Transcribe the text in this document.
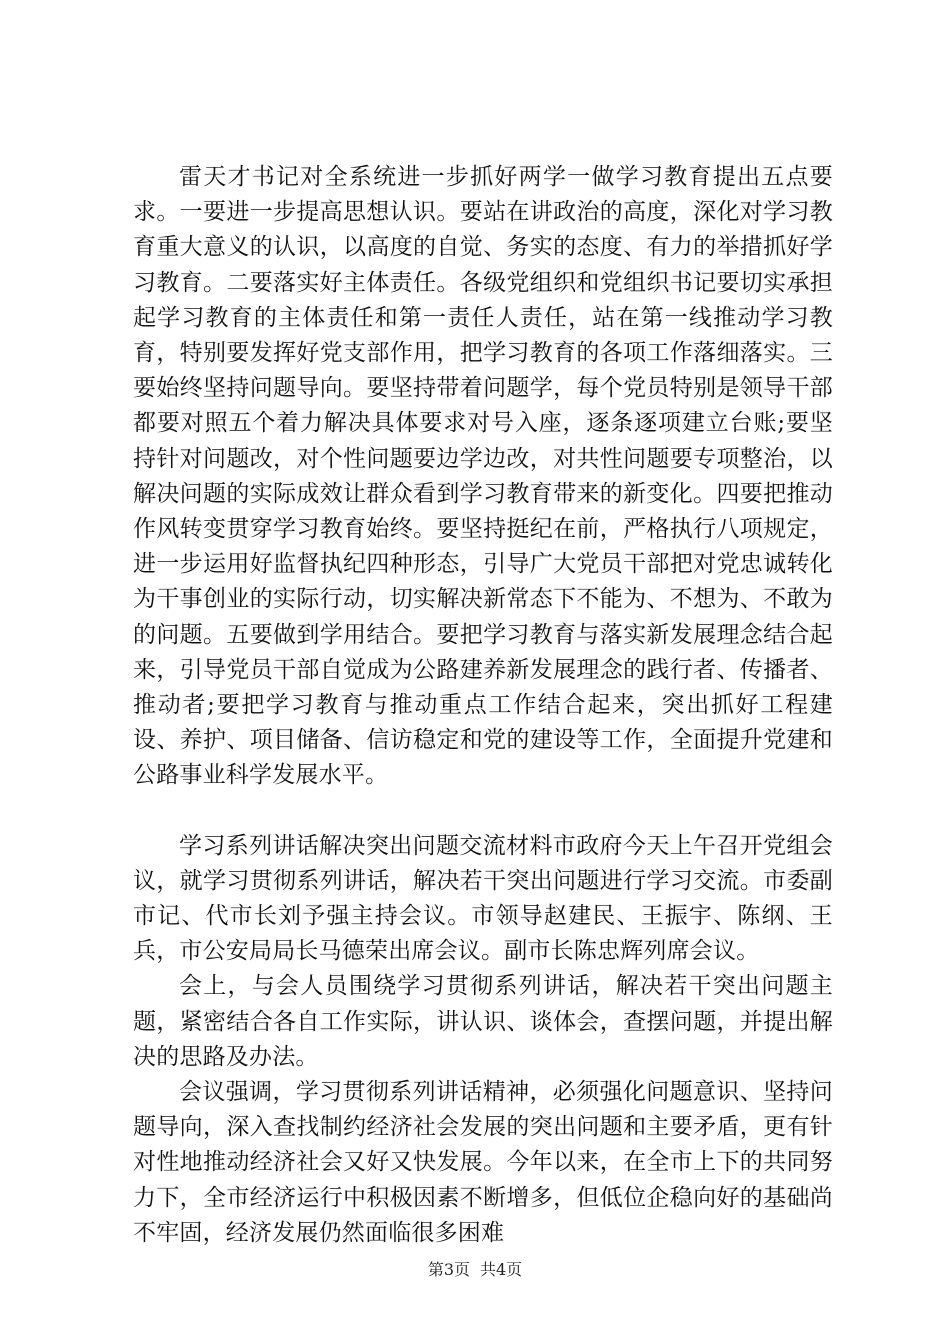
雷天才书记对全系统进一步抓好两学一做学习教育提出五点要求。一要进一步提高思想认识。要站在讲政治的高度，深化对学习教育重大意义的认识，以高度的自觉、务实的态度、有力的举措抓好学习教育。二要落实好主体责任。各级党组织和党组织书记要切实承担起学习教育的主体责任和第一责任人责任，站在第一线推动学习教育，特别要发挥好党支部作用，把学习教育的各项工作落细落实。三要始终坚持问题导向。要坚持带着问题学，每个党员特别是领导干部都要对照五个着力解决具体要求对号入座，逐条逐项建立台账;要坚持针对问题改，对个性问题要边学边改，对共性问题要专项整治，以解决问题的实际成效让群众看到学习教育带来的新变化。四要把推动作风转变贯穿学习教育始终。要坚持挺纪在前，严格执行八项规定，进一步运用好监督执纪四种形态，引导广大党员干部把对党忠诚转化为干事创业的实际行动，切实解决新常态下不能为、不想为、不敢为的问题。五要做到学用结合。要把学习教育与落实新发展理念结合起来，引导党员干部自觉成为公路建养新发展理念的践行者、传播者、推动者;要把学习教育与推动重点工作结合起来，突出抓好工程建设、养护、项目储备、信访稳定和党的建设等工作，全面提升党建和公路事业科学发展水平。

学习系列讲话解决突出问题交流材料市政府今天上午召开党组会议，就学习贯彻系列讲话，解决若干突出问题进行学习交流。市委副市记、代市长刘予强主持会议。市领导赵建民、王振宇、陈纲、王兵，市公安局局长马德荣出席会议。副市长陈忠辉列席会议。

会上，与会人员围绕学习贯彻系列讲话，解决若干突出问题主题，紧密结合各自工作实际，讲认识、谈体会，查摆问题，并提出解决的思路及办法。

会议强调，学习贯彻系列讲话精神，必须强化问题意识、坚持问题导向，深入查找制约经济社会发展的突出问题和主要矛盾，更有针对性地推动经济社会又好又快发展。今年以来，在全市上下的共同努力下，全市经济运行中积极因素不断增多，但低位企稳向好的基础尚不牢固，经济发展仍然面临很多困难

第3页 共4页
